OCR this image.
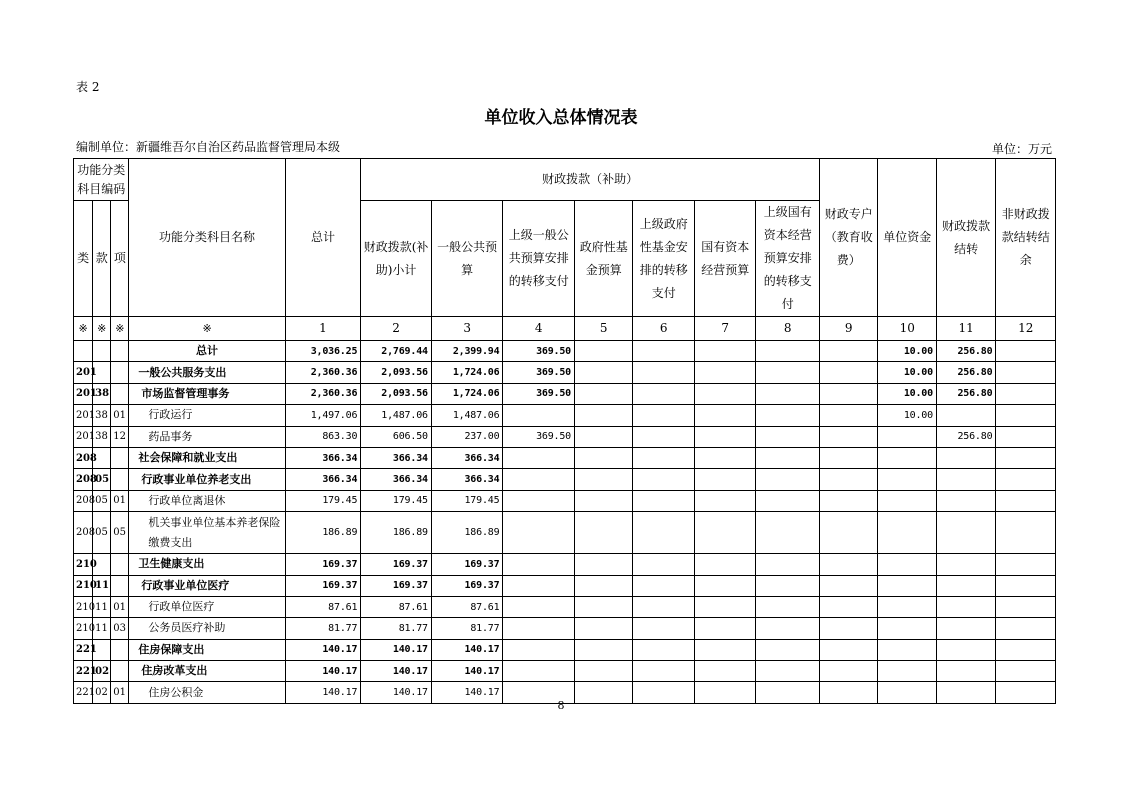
表 2
单位收入总体情况表
编制单位：新疆维吾尔自治区药品监督管理局本级	单位：万元
功能分类科目编码			功能分类科目名称	总计	财政拨款（补助）							财政专户（教育收费）	单位资金	财政拨款结转	非财政拨款结转结余
类	款	项			财政拨款(补助)小计	一般公共预算	上级一般公共预算安排的转移支付	政府性基金预算	上级政府性基金安排的转移支付	国有资本经营预算	上级国有资本经营预算安排的转移支付				
※	※	※	※	1	2	3	4	5	6	7	8	9	10	11	12
			总计	3,036.25	2,769.44	2,399.94	369.50						10.00	256.80	
201			一般公共服务支出	2,360.36	2,093.56	1,724.06	369.50						10.00	256.80	
201	38		市场监督管理事务	2,360.36	2,093.56	1,724.06	369.50						10.00	256.80	
201	38	01	行政运行	1,497.06	1,487.06	1,487.06							10.00		
201	38	12	药品事务	863.30	606.50	237.00	369.50							256.80	
208			社会保障和就业支出	366.34	366.34	366.34									
208	05		行政事业单位养老支出	366.34	366.34	366.34									
208	05	01	行政单位离退休	179.45	179.45	179.45									
208	05	05	机关事业单位基本养老保险缴费支出	186.89	186.89	186.89									
210			卫生健康支出	169.37	169.37	169.37									
210	11		行政事业单位医疗	169.37	169.37	169.37									
210	11	01	行政单位医疗	87.61	87.61	87.61									
210	11	03	公务员医疗补助	81.77	81.77	81.77									
221			住房保障支出	140.17	140.17	140.17									
221	02		住房改革支出	140.17	140.17	140.17									
221	02	01	住房公积金	140.17	140.17	140.17									
8
